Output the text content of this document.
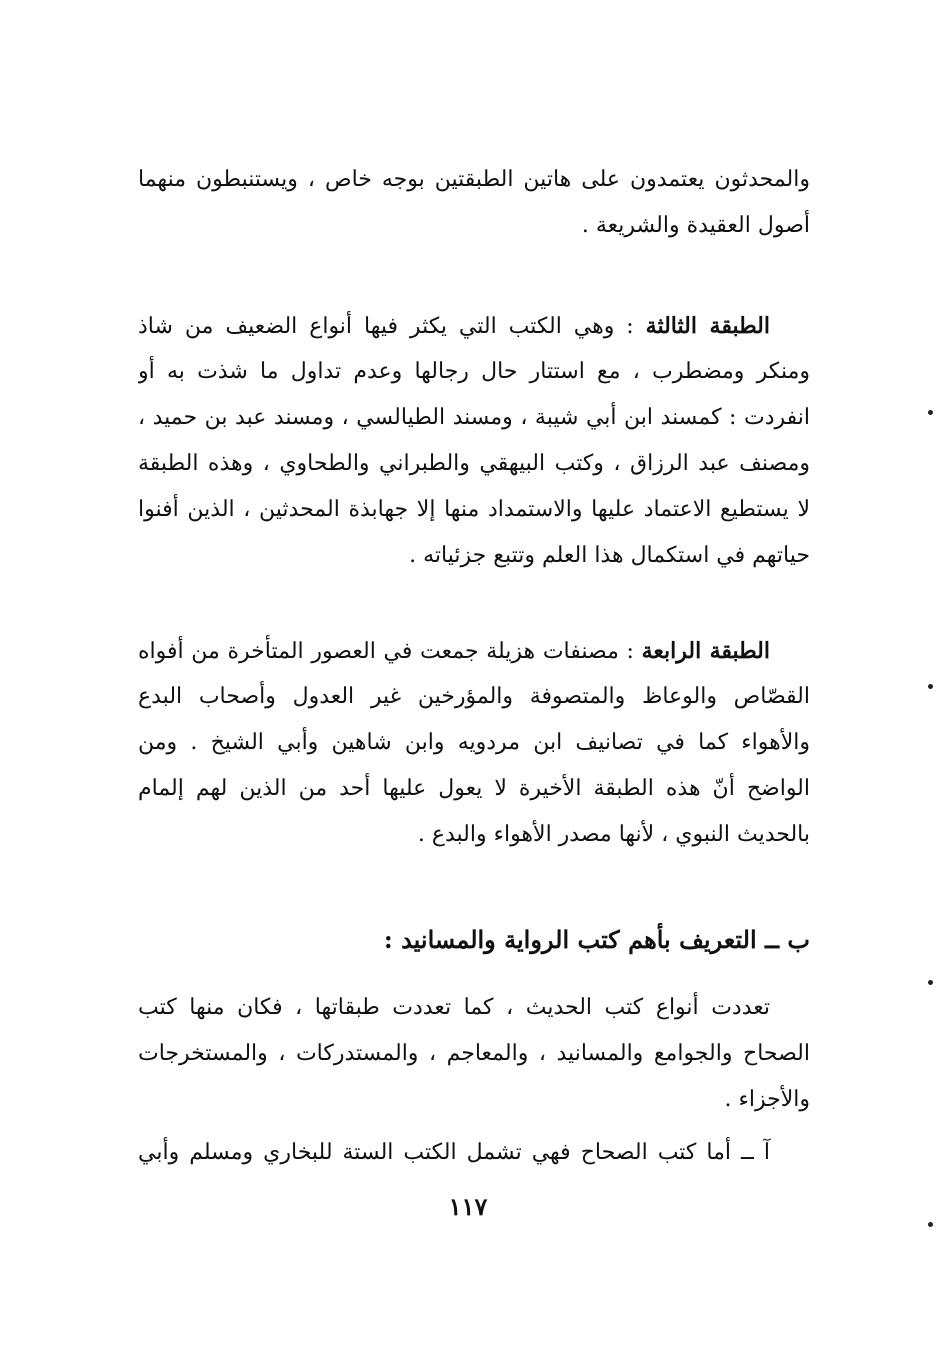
والمحدثون يعتمدون على هاتين الطبقتين بوجه خاص ، ويستنبطون منهما
أصول العقيدة والشريعة .
الطبقة الثالثة : وهي الكتب التي يكثر فيها أنواع الضعيف من شاذ
ومنكر ومضطرب ، مع استتار حال رجالها وعدم تداول ما شذت به أو
انفردت : كمسند ابن أبي شيبة ، ومسند الطيالسي ، ومسند عبد بن حميد ،
ومصنف عبد الرزاق ، وكتب البيهقي والطبراني والطحاوي ، وهذه الطبقة
لا يستطيع الاعتماد عليها والاستمداد منها إلا جهابذة المحدثين ، الذين أفنوا
حياتهم في استكمال هذا العلم وتتبع جزئياته .
الطبقة الرابعة : مصنفات هزيلة جمعت في العصور المتأخرة من أفواه
القصّاص والوعاظ والمتصوفة والمؤرخين غير العدول وأصحاب البدع
والأهواء كما في تصانيف ابن مردويه وابن شاهين وأبي الشيخ . ومن
الواضح أنّ هذه الطبقة الأخيرة لا يعول عليها أحد من الذين لهم إلمام
بالحديث النبوي ، لأنها مصدر الأهواء والبدع .
ب ــ التعريف بأهم كتب الرواية والمسانيد :
تعددت أنواع كتب الحديث ، كما تعددت طبقاتها ، فكان منها كتب
الصحاح والجوامع والمسانيد ، والمعاجم ، والمستدركات ، والمستخرجات
والأجزاء .
آ ــ أما كتب الصحاح فهي تشمل الكتب الستة للبخاري ومسلم وأبي
١١٧
